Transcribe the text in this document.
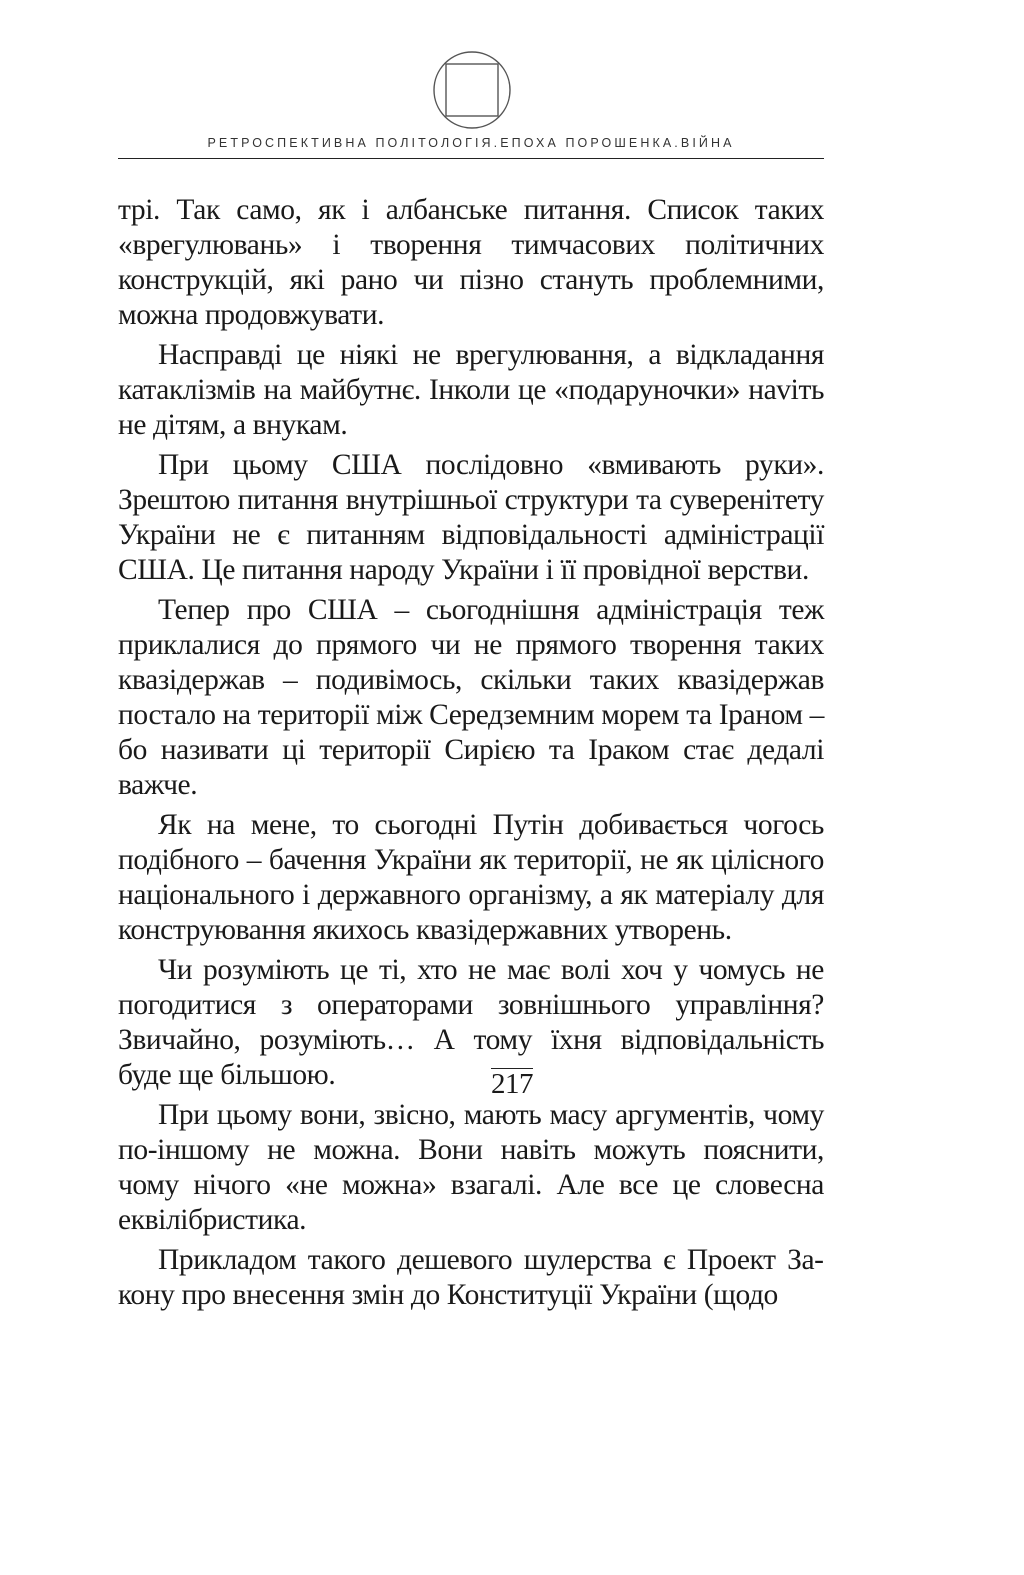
РЕТРОСПЕКТИВНА ПОЛІТОЛОГІЯ.ЕПОХА ПОРОШЕНКА.ВІЙНА

трі. Так само, як і албанське питання. Список таких «врегулювань» і творення тимчасових політичних конструкцій, які рано чи пізно стануть проблемними, можна продовжувати.

Насправді це ніякі не врегулювання, а відкладання катаклізмів на майбутнє. Інколи це «подаруночки» наvіть не дітям, а внукам.

При цьому США послідовно «вмивають руки». Зрештою питання внутрішньої структури та суверенітету України не є питанням відповідальності адміністрації США. Це питання народу України і її провідної верстви.

Тепер про США – сьогоднішня адміністрація теж приклалися до прямого чи не прямого творення таких квазідержав – подивімось, скільки таких квазідержав постало на території між Середземним морем та Іраном – бо називати ці території Сирією та Іраком стає дедалі важче.

Як на мене, то сьогодні Путін добивається чогось подібного – бачення України як території, не як цілісного національного і державного організму, а як матеріалу для конструювання якихось квазідержавних утворень.

Чи розуміють це ті, хто не має волі хоч у чомусь не погодитися з операторами зовнішнього управління? Звичайно, розуміють… А тому їхня відповідальність буде ще більшою.

При цьому вони, звісно, мають масу аргументів, чому по-іншому не можна. Вони навіть можуть пояснити, чому нічого «не можна» взагалі. Але все це словесна еквілібристика.

Прикладом такого дешевого шулерства є Проект Закону про внесення змін до Конституції України (щодо

217
